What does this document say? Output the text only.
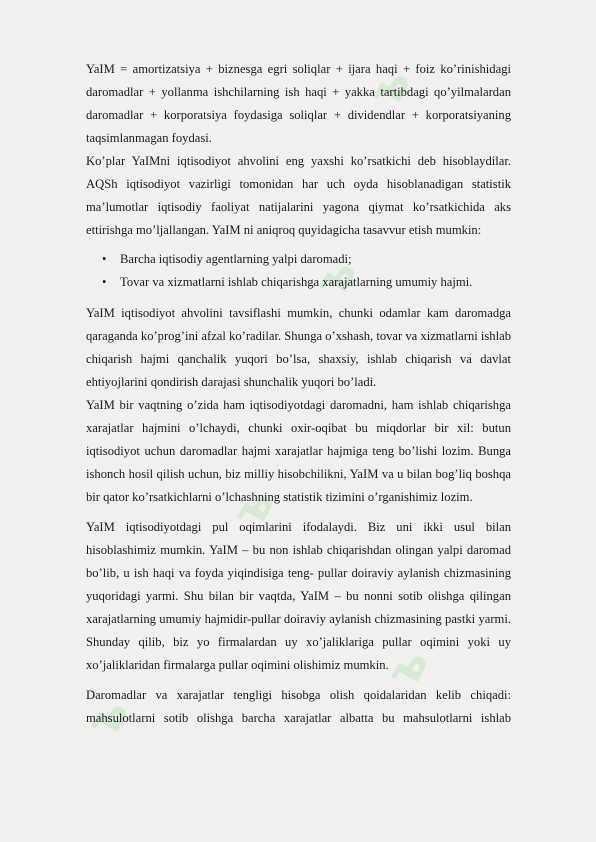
ъ
ъ
ъ
ъ
ъ

YaIM = amortizatsiya + biznesga egri soliqlar + ijara haqi + foiz ko’rinishidagi daromadlar + yollanma ishchilarning ish haqi + yakka tartibdagi qo’yilmalardan daromadlar + korporatsiya foydasiga soliqlar + dividendlar + korporatsiyaning taqsimlanmagan foydasi.

Ko’plar YaIMni iqtisodiyot ahvolini eng yaxshi ko’rsatkichi deb hisoblaydilar. AQSh iqtisodiyot vazirligi tomonidan har uch oyda hisoblanadigan statistik ma’lumotlar iqtisodiy faoliyat natijalarini yagona qiymat ko’rsatkichida aks ettirishga mo’ljallangan. YaIM ni aniqroq quyidagicha tasavvur etish mumkin:

• Barcha iqtisodiy agentlarning yalpi daromadi;
• Tovar va xizmatlarni ishlab chiqarishga xarajatlarning umumiy hajmi.

YaIM iqtisodiyot ahvolini tavsiflashi mumkin, chunki odamlar kam daromadga qaraganda ko’prog’ini afzal ko’radilar. Shunga o’xshash, tovar va xizmatlarni ishlab chiqarish hajmi qanchalik yuqori bo’lsa, shaxsiy, ishlab chiqarish va davlat ehtiyojlarini qondirish darajasi shunchalik yuqori bo’ladi.

YaIM bir vaqtning o’zida ham iqtisodiyotdagi daromadni, ham ishlab chiqarishga xarajatlar hajmini o’lchaydi, chunki oxir-oqibat bu miqdorlar bir xil: butun iqtisodiyot uchun daromadlar hajmi xarajatlar hajmiga teng bo’lishi lozim. Bunga ishonch hosil qilish uchun, biz milliy hisobchilikni, YaIM va u bilan bog’liq boshqa bir qator ko’rsatkichlarni o’lchashning statistik tizimini o’rganishimiz lozim.

YaIM iqtisodiyotdagi pul oqimlarini ifodalaydi. Biz uni ikki usul bilan hisoblashimiz mumkin. YaIM – bu non ishlab chiqarishdan olingan yalpi daromad bo’lib, u ish haqi va foyda yiqindisiga teng- pullar doiraviy aylanish chizmasining yuqoridagi yarmi. Shu bilan bir vaqtda, YaIM – bu nonni sotib olishga qilingan xarajatlarning umumiy hajmidir-pullar doiraviy aylanish chizmasining pastki yarmi. Shunday qilib, biz yo firmalardan uy xo’jaliklariga pullar oqimini yoki uy xo’jaliklaridan firmalarga pullar oqimini olishimiz mumkin.

Daromadlar va xarajatlar tengligi hisobga olish qoidalaridan kelib chiqadi: mahsulotlarni sotib olishga barcha xarajatlar albatta bu mahsulotlarni ishlab
